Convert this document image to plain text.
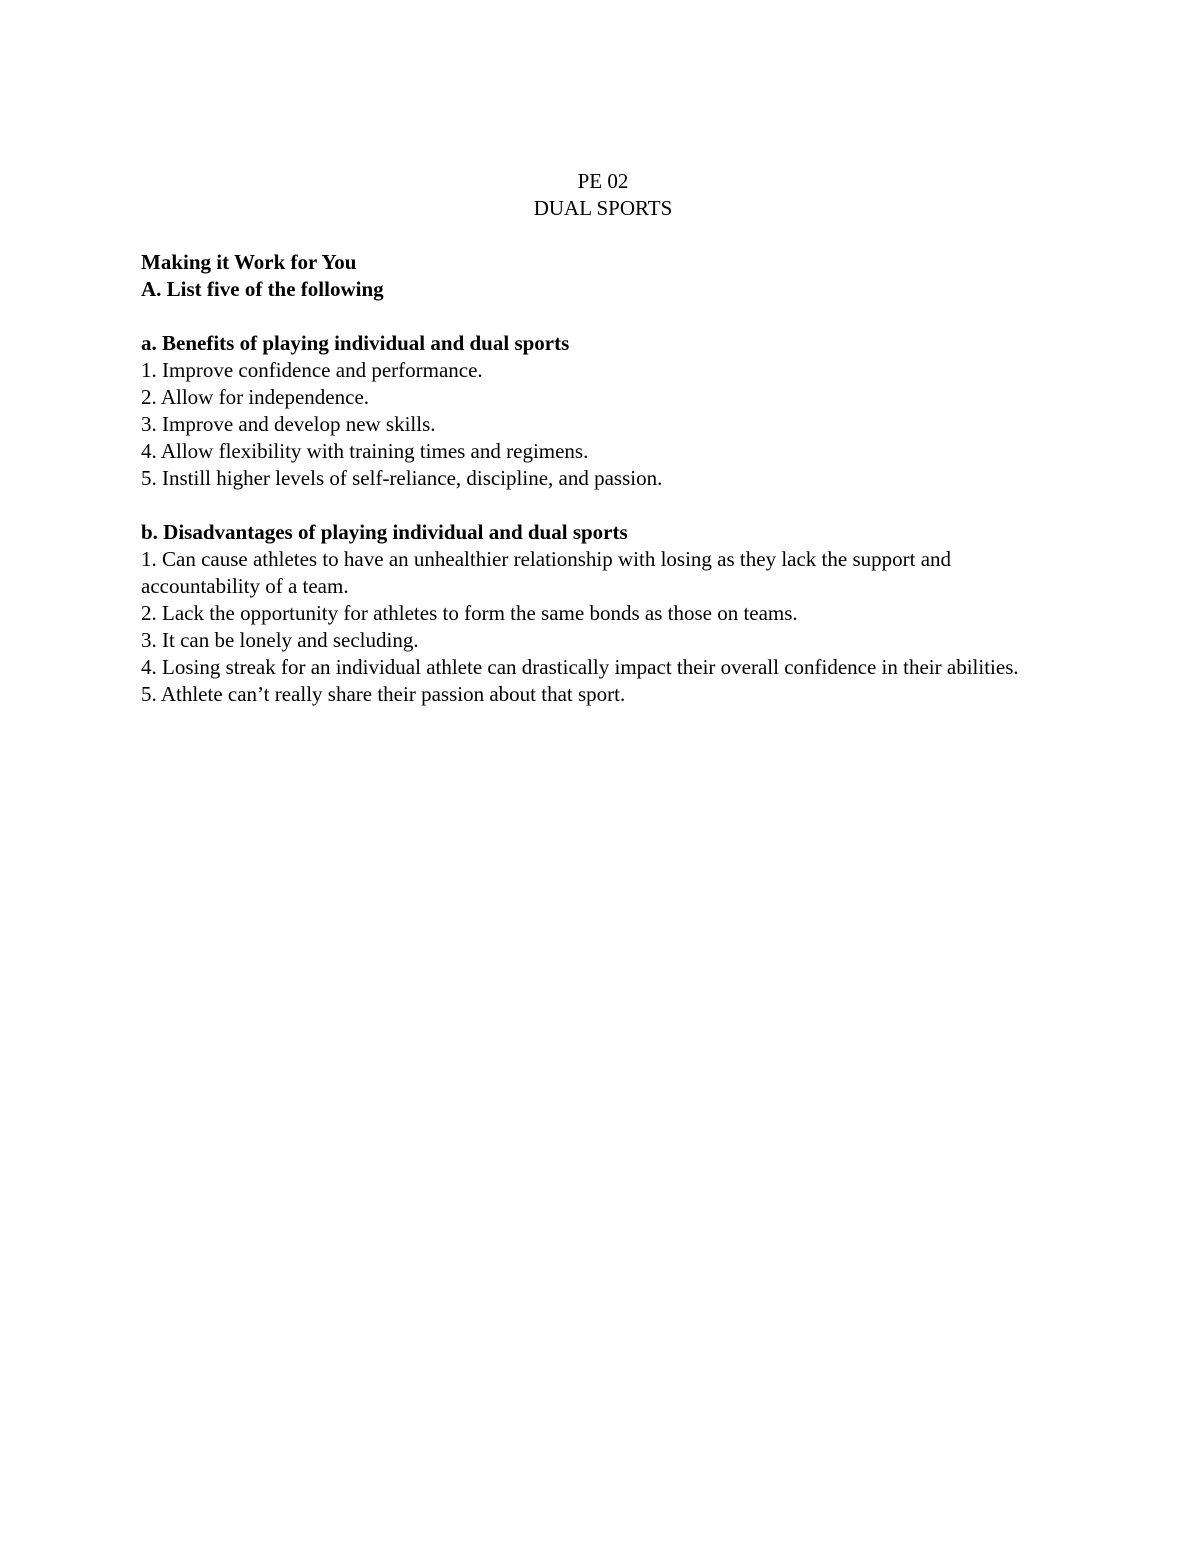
PE 02

DUAL SPORTS

Making it Work for You

A. List five of the following

a. Benefits of playing individual and dual sports

1. Improve confidence and performance.
2. Allow for independence.
3. Improve and develop new skills.
4. Allow flexibility with training times and regimens.
5. Instill higher levels of self-reliance, discipline, and passion.

b. Disadvantages of playing individual and dual sports

1. Can cause athletes to have an unhealthier relationship with losing as they lack the support and accountability of a team.
2. Lack the opportunity for athletes to form the same bonds as those on teams.
3. It can be lonely and secluding.
4. Losing streak for an individual athlete can drastically impact their overall confidence in their abilities.
5. Athlete can’t really share their passion about that sport.
